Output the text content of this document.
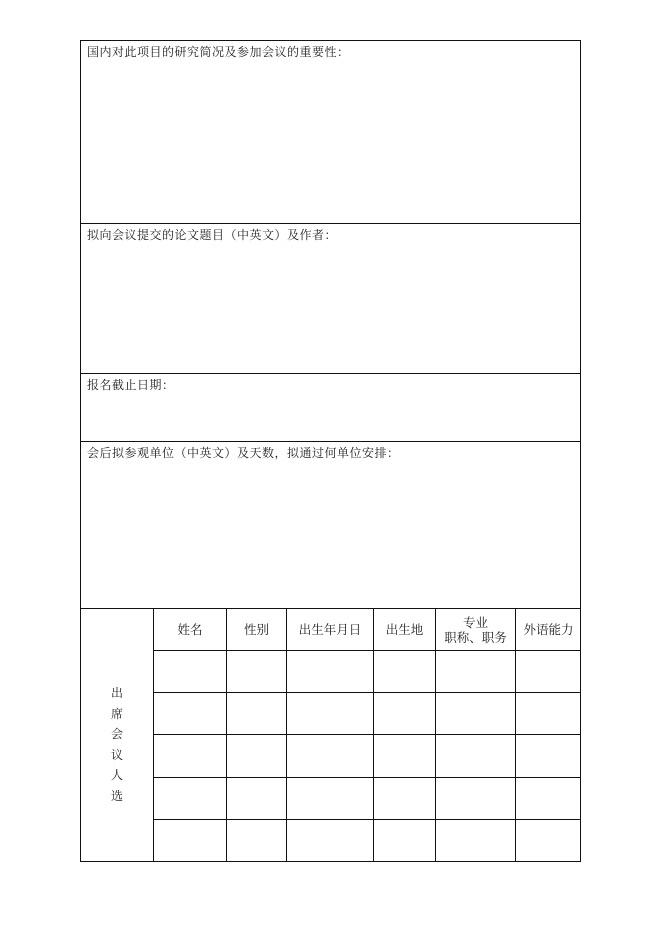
国内对此项目的研究简况及参加会议的重要性：
拟向会议提交的论文题目（中英文）及作者：
报名截止日期：
会后拟参观单位（中英文）及天数，拟通过何单位安排：
出
席
会
议
人
选
姓名	性别 出生年月日 出生地	专业
职称、职务 外语能力
